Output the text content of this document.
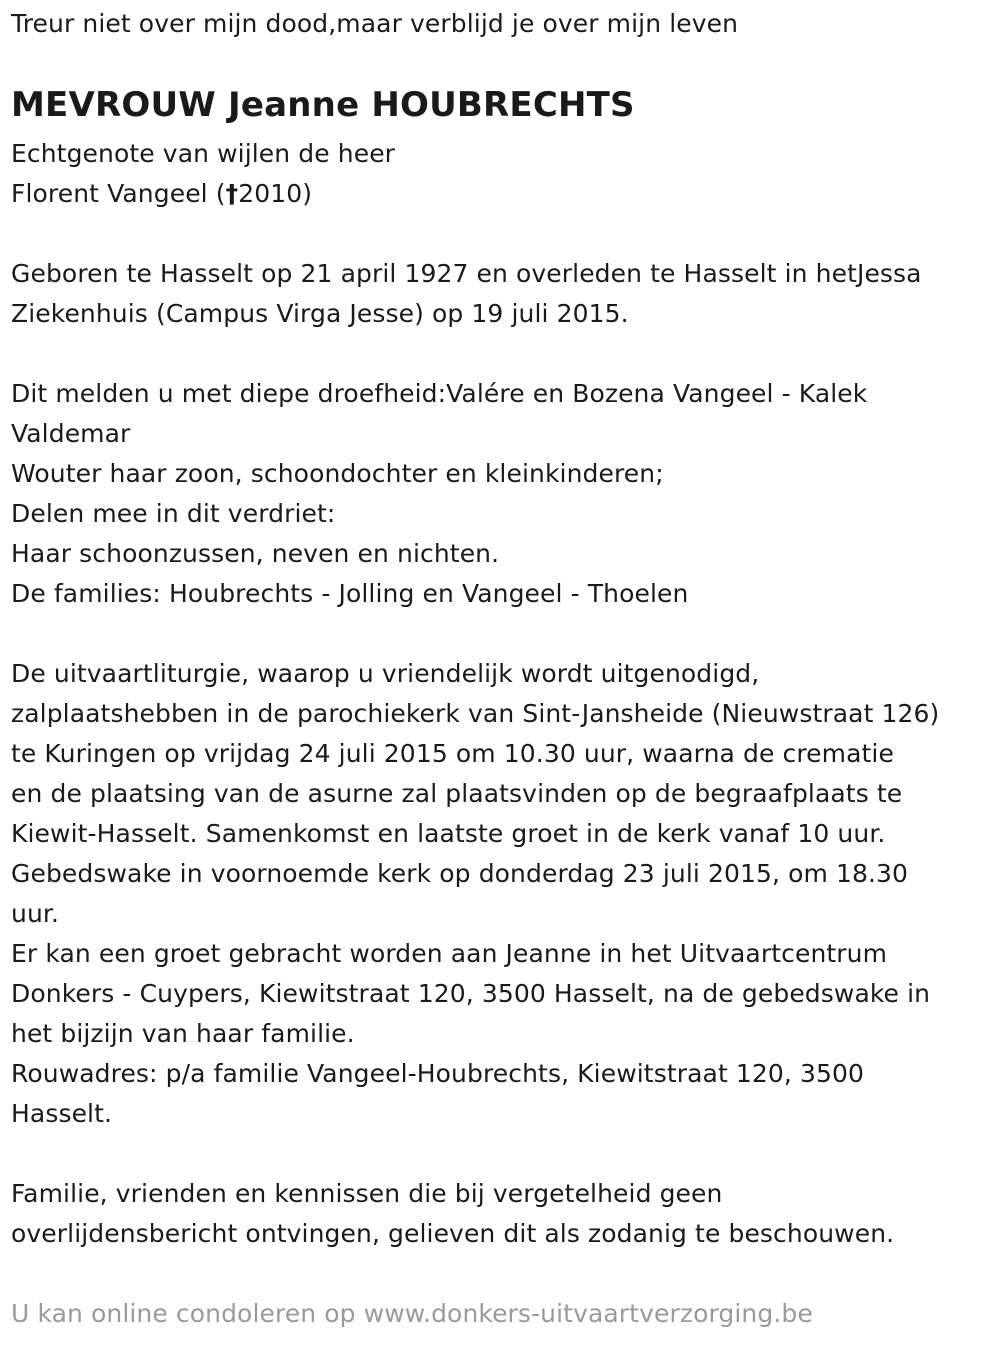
Treur niet over mijn dood,maar verblijd je over mijn leven
MEVROUW Jeanne HOUBRECHTS
Echtgenote van wijlen de heer
Florent Vangeel (†2010)
Geboren te Hasselt op 21 april 1927 en overleden te Hasselt in hetJessa
Ziekenhuis (Campus Virga Jesse) op 19 juli 2015.
Dit melden u met diepe droefheid:Valére en Bozena Vangeel - Kalek
Valdemar
Wouter haar zoon, schoondochter en kleinkinderen;
Delen mee in dit verdriet:
Haar schoonzussen, neven en nichten.
De families: Houbrechts - Jolling en Vangeel - Thoelen
De uitvaartliturgie, waarop u vriendelijk wordt uitgenodigd,
zalplaatshebben in de parochiekerk van Sint-Jansheide (Nieuwstraat 126)
te Kuringen op vrijdag 24 juli 2015 om 10.30 uur, waarna de crematie
en de plaatsing van de asurne zal plaatsvinden op de begraafplaats te
Kiewit-Hasselt. Samenkomst en laatste groet in de kerk vanaf 10 uur.
Gebedswake in voornoemde kerk op donderdag 23 juli 2015, om 18.30
uur.
Er kan een groet gebracht worden aan Jeanne in het Uitvaartcentrum
Donkers - Cuypers, Kiewitstraat 120, 3500 Hasselt, na de gebedswake in
het bijzijn van haar familie.
Rouwadres: p/a familie Vangeel-Houbrechts, Kiewitstraat 120, 3500
Hasselt.
Familie, vrienden en kennissen die bij vergetelheid geen
overlijdensbericht ontvingen, gelieven dit als zodanig te beschouwen.
U kan online condoleren op www.donkers-uitvaartverzorging.be
